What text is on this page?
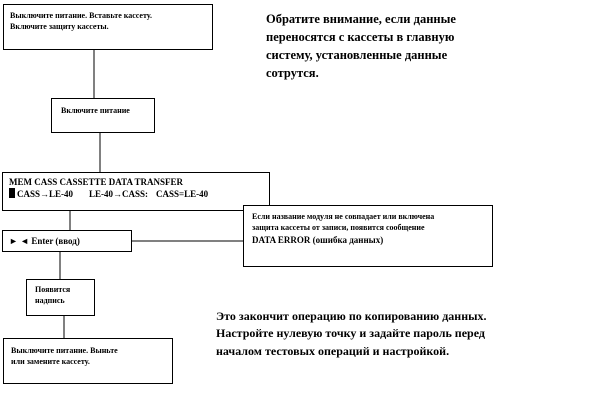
Выключите питание. Вставьте кассету.
Включите защиту кассеты.
Обратите внимание, если данные
переносятся с кассеты в главную
систему, установленные данные
сотрутся.
Включите питание
MEM CASS CASSETTE DATA TRANSFER
CASS→LE-40 LE-40→CASS: CASS=LE-40
Если название модуля не совпадает или включена
защита кассеты от записи, появится сообщение
DATA ERROR (ошибка данных)
► ◄ Enter (ввод)
Появится
надпись
Это закончит операцию по копированию данных.
Настройте нулевую точку и задайте пароль перед
началом тестовых операций и настройкой.
Выключите питание. Выньте
или замените кассету.
